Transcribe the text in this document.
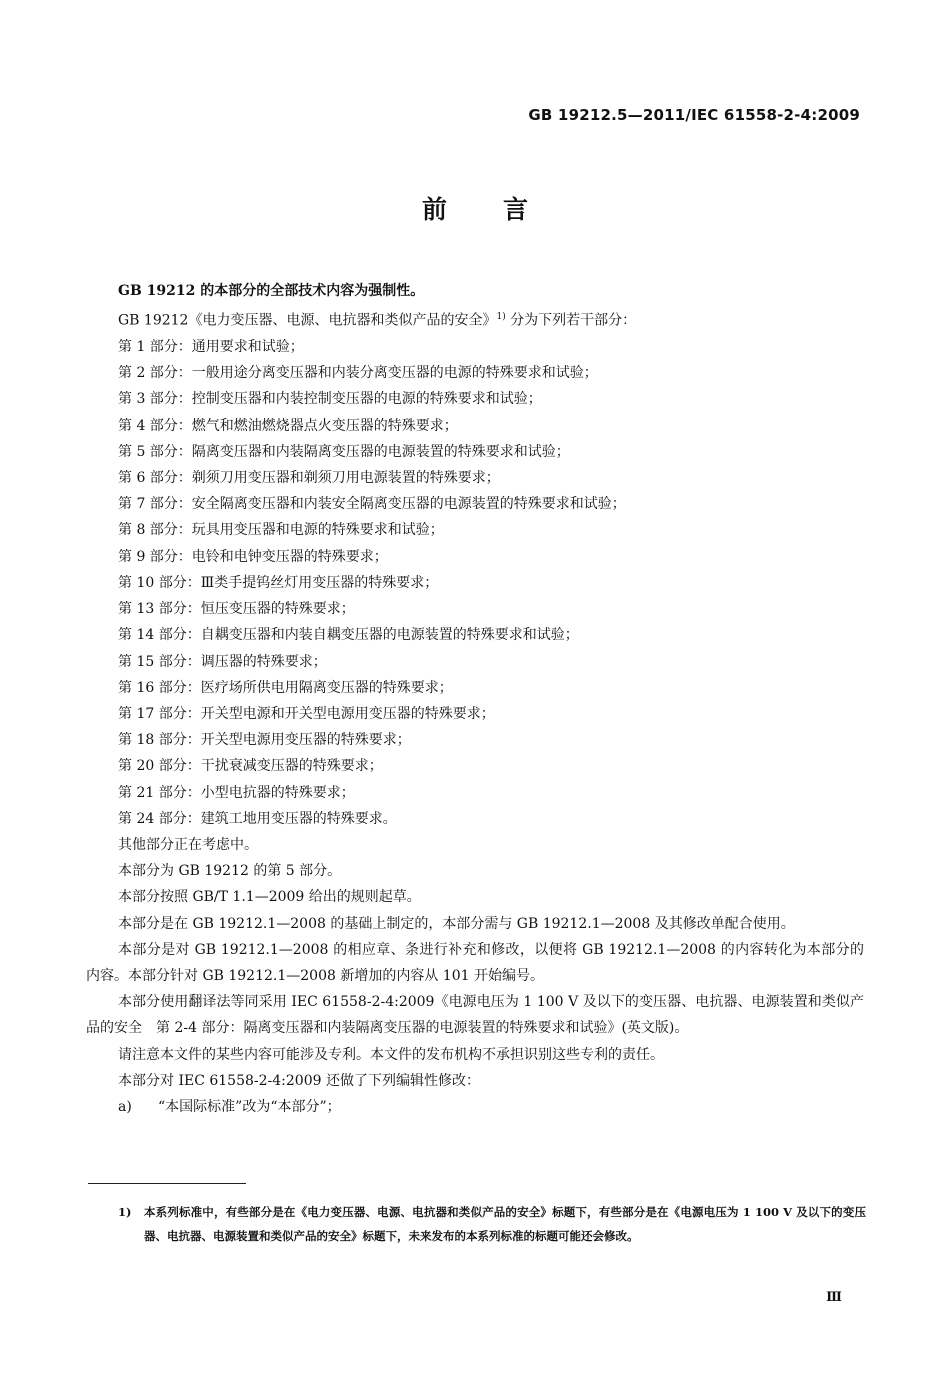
GB 19212.5—2011/IEC 61558-2-4:2009
前言

GB 19212 的本部分的全部技术内容为强制性。

GB 19212《电力变压器、电源、电抗器和类似产品的安全》$^{1)}$ 分为下列若干部分：

第 1 部分：通用要求和试验；

第 2 部分：一般用途分离变压器和内装分离变压器的电源的特殊要求和试验；

第 3 部分：控制变压器和内装控制变压器的电源的特殊要求和试验；

第 4 部分：燃气和燃油燃烧器点火变压器的特殊要求；

第 5 部分：隔离变压器和内装隔离变压器的电源装置的特殊要求和试验；

第 6 部分：剃须刀用变压器和剃须刀用电源装置的特殊要求；

第 7 部分：安全隔离变压器和内装安全隔离变压器的电源装置的特殊要求和试验；

第 8 部分：玩具用变压器和电源的特殊要求和试验；

第 9 部分：电铃和电钟变压器的特殊要求；

第 10 部分：Ⅲ类手提钨丝灯用变压器的特殊要求；

第 13 部分：恒压变压器的特殊要求；

第 14 部分：自耦变压器和内装自耦变压器的电源装置的特殊要求和试验；

第 15 部分：调压器的特殊要求；

第 16 部分：医疗场所供电用隔离变压器的特殊要求；

第 17 部分：开关型电源和开关型电源用变压器的特殊要求；

第 18 部分：开关型电源用变压器的特殊要求；

第 20 部分：干扰衰减变压器的特殊要求；

第 21 部分：小型电抗器的特殊要求；

第 24 部分：建筑工地用变压器的特殊要求。

其他部分正在考虑中。

本部分为 GB 19212 的第 5 部分。

本部分按照 GB/T 1.1—2009 给出的规则起草。

本部分是在 GB 19212.1—2008 的基础上制定的，本部分需与 GB 19212.1—2008 及其修改单配合使用。

本部分是对 GB 19212.1—2008 的相应章、条进行补充和修改，以便将 GB 19212.1—2008 的内容转化为本部分的内容。本部分针对 GB 19212.1—2008 新增加的内容从 101 开始编号。

本部分使用翻译法等同采用 IEC 61558-2-4:2009《电源电压为 1 100 V 及以下的变压器、电抗器、电源装置和类似产品的安全　第 2-4 部分：隔离变压器和内装隔离变压器的电源装置的特殊要求和试验》(英文版)。

请注意本文件的某些内容可能涉及专利。本文件的发布机构不承担识别这些专利的责任。

本部分对 IEC 61558-2-4:2009 还做了下列编辑性修改：

a) “本国际标准”改为“本部分”；

1) 本系列标准中，有些部分是在《电力变压器、电源、电抗器和类似产品的安全》标题下，有些部分是在《电源电压为 1 100 V 及以下的变压器、电抗器、电源装置和类似产品的安全》标题下，未来发布的本系列标准的标题可能还会修改。
Ⅲ
